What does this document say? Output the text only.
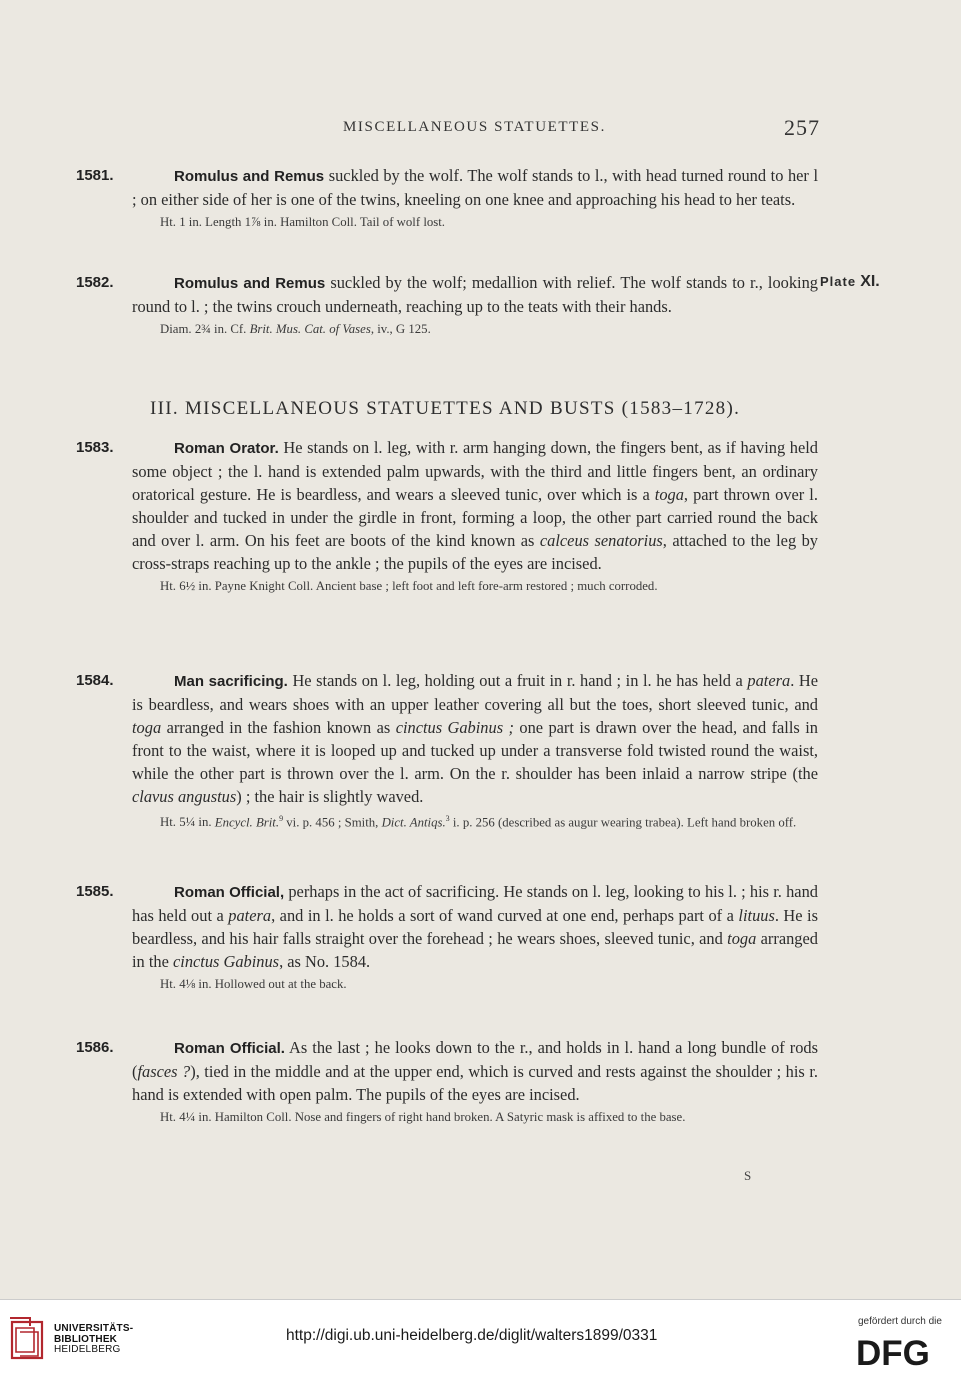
MISCELLANEOUS STATUETTES.	257
1581.	Romulus and Remus suckled by the wolf. The wolf stands to l., with head turned round to her l ; on either side of her is one of the twins, kneeling on one knee and approaching his head to her teats.
Ht. 1 in. Length 1⅞ in. Hamilton Coll. Tail of wolf lost.
1582.	Romulus and Remus suckled by the wolf; medallion with relief. The wolf stands to r., looking round to l. ; the twins crouch underneath, reaching up to the teats with their hands.
Diam. 2¾ in. Cf. Brit. Mus. Cat. of Vases, iv., G 125.
Plate XI.
III. MISCELLANEOUS STATUETTES AND BUSTS (1583–1728).
1583.	Roman Orator. He stands on l. leg, with r. arm hanging down, the fingers bent, as if having held some object ; the l. hand is extended palm upwards, with the third and little fingers bent, an ordinary oratorical gesture. He is beardless, and wears a sleeved tunic, over which is a toga, part thrown over l. shoulder and tucked in under the girdle in front, forming a loop, the other part carried round the back and over l. arm. On his feet are boots of the kind known as calceus senatorius, attached to the leg by cross-straps reaching up to the ankle ; the pupils of the eyes are incised.
Ht. 6½ in. Payne Knight Coll. Ancient base ; left foot and left fore-arm restored ; much corroded.
1584.	Man sacrificing. He stands on l. leg, holding out a fruit in r. hand ; in l. he has held a patera. He is beardless, and wears shoes with an upper leather covering all but the toes, short sleeved tunic, and toga arranged in the fashion known as cinctus Gabinus ; one part is drawn over the head, and falls in front to the waist, where it is looped up and tucked up under a transverse fold twisted round the waist, while the other part is thrown over the l. arm. On the r. shoulder has been inlaid a narrow stripe (the clavus angustus) ; the hair is slightly waved.
Ht. 5¼ in. Encycl. Brit.$^9$ vi. p. 456 ; Smith, Dict. Antiqs.$^3$ i. p. 256 (described as augur wearing trabea). Left hand broken off.
1585.	Roman Official, perhaps in the act of sacrificing. He stands on l. leg, looking to his l. ; his r. hand has held out a patera, and in l. he holds a sort of wand curved at one end, perhaps part of a lituus. He is beardless, and his hair falls straight over the forehead ; he wears shoes, sleeved tunic, and toga arranged in the cinctus Gabinus, as No. 1584.
Ht. 4⅛ in. Hollowed out at the back.
1586.	Roman Official. As the last ; he looks down to the r., and holds in l. hand a long bundle of rods (fasces ?), tied in the middle and at the upper end, which is curved and rests against the shoulder ; his r. hand is extended with open palm. The pupils of the eyes are incised.
Ht. 4¼ in. Hamilton Coll. Nose and fingers of right hand broken. A Satyric mask is affixed to the base.
S
UNIVERSITÄTS-
BIBLIOTHEK
HEIDELBERG
http://digi.ub.uni-heidelberg.de/diglit/walters1899/0331
gefördert durch die
DFG
